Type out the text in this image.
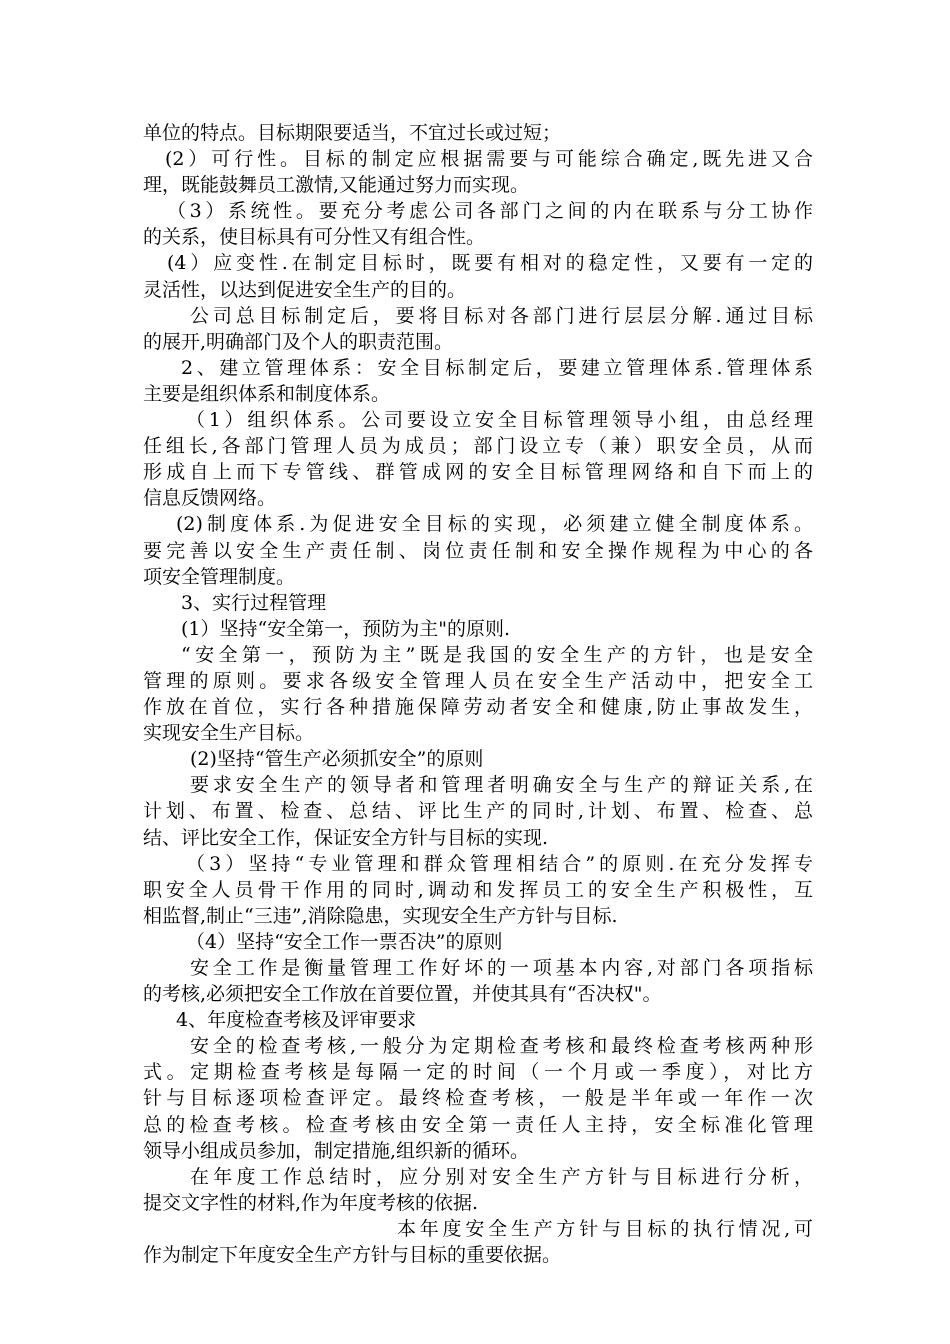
单位的特点。目标期限要适当，不宜过长或过短；
(2）可行性。目标的制定应根据需要与可能综合确定,既先进又合
理，既能鼓舞员工激情,又能通过努力而实现。
（3）系统性。要充分考虑公司各部门之间的内在联系与分工协作
的关系，使目标具有可分性又有组合性。
(4）应变性.在制定目标时，既要有相对的稳定性，又要有一定的
灵活性，以达到促进安全生产的目的。
公司总目标制定后，要将目标对各部门进行层层分解.通过目标
的展开,明确部门及个人的职责范围。
2、建立管理体系：安全目标制定后，要建立管理体系.管理体系
主要是组织体系和制度体系。
（1）组织体系。公司要设立安全目标管理领导小组，由总经理
任组长,各部门管理人员为成员；部门设立专（兼）职安全员，从而
形成自上而下专管线、群管成网的安全目标管理网络和自下而上的
信息反馈网络。
(2)制度体系.为促进安全目标的实现，必须建立健全制度体系。
要完善以安全生产责任制、岗位责任制和安全操作规程为中心的各
项安全管理制度。
3、实行过程管理
(1）坚持“安全第一，预防为主"的原则.
“安全第一，预防为主”既是我国的安全生产的方针，也是安全
管理的原则。要求各级安全管理人员在安全生产活动中，把安全工
作放在首位，实行各种措施保障劳动者安全和健康,防止事故发生，
实现安全生产目标。
(2)坚持“管生产必须抓安全”的原则
要求安全生产的领导者和管理者明确安全与生产的辩证关系,在
计划、布置、检查、总结、评比生产的同时,计划、布置、检查、总
结、评比安全工作，保证安全方针与目标的实现.
（3）坚持“专业管理和群众管理相结合”的原则.在充分发挥专
职安全人员骨干作用的同时,调动和发挥员工的安全生产积极性，互
相监督,制止“三违”,消除隐患，实现安全生产方针与目标.
（4）坚持“安全工作一票否决”的原则
安全工作是衡量管理工作好坏的一项基本内容,对部门各项指标
的考核,必须把安全工作放在首要位置，并使其具有“否决权"。
4、年度检查考核及评审要求
安全的检查考核,一般分为定期检查考核和最终检查考核两种形
式。定期检查考核是每隔一定的时间（一个月或一季度），对比方
针与目标逐项检查评定。最终检查考核，一般是半年或一年作一次
总的检查考核。检查考核由安全第一责任人主持，安全标准化管理
领导小组成员参加，制定措施,组织新的循环。
在年度工作总结时，应分别对安全生产方针与目标进行分析，
提交文字性的材料,作为年度考核的依据.
本年度安全生产方针与目标的执行情况,可
作为制定下年度安全生产方针与目标的重要依据。
